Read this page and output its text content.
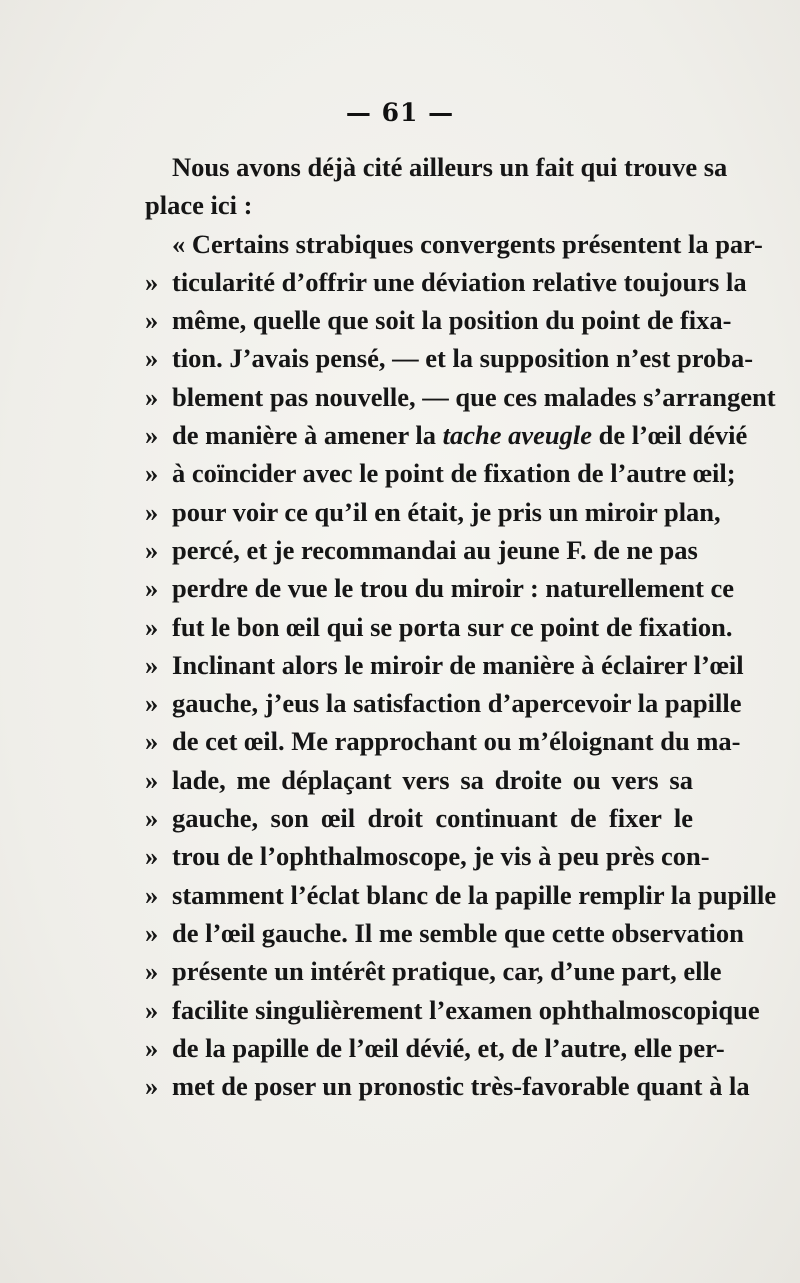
— 61 —
Nous avons déjà cité ailleurs un fait qui trouve sa
place ici :
« Certains strabiques convergents présentent la par-
» ticularité d’offrir une déviation relative toujours la
» même, quelle que soit la position du point de fixa-
» tion. J’avais pensé, — et la supposition n’est proba-
» blement pas nouvelle, — que ces malades s’arrangent
» de manière à amener la tache aveugle de l’œil dévié
» à coïncider avec le point de fixation de l’autre œil;
» pour voir ce qu’il en était, je pris un miroir plan,
» percé, et je recommandai au jeune F. de ne pas
» perdre de vue le trou du miroir : naturellement ce
» fut le bon œil qui se porta sur ce point de fixation.
» Inclinant alors le miroir de manière à éclairer l’œil
» gauche, j’eus la satisfaction d’apercevoir la papille
» de cet œil. Me rapprochant ou m’éloignant du ma-
» lade, me déplaçant vers sa droite ou vers sa
» gauche, son œil droit continuant de fixer le
» trou de l’ophthalmoscope, je vis à peu près con-
» stamment l’éclat blanc de la papille remplir la pupille
» de l’œil gauche. Il me semble que cette observation
» présente un intérêt pratique, car, d’une part, elle
» facilite singulièrement l’examen ophthalmoscopique
» de la papille de l’œil dévié, et, de l’autre, elle per-
» met de poser un pronostic très-favorable quant à la
